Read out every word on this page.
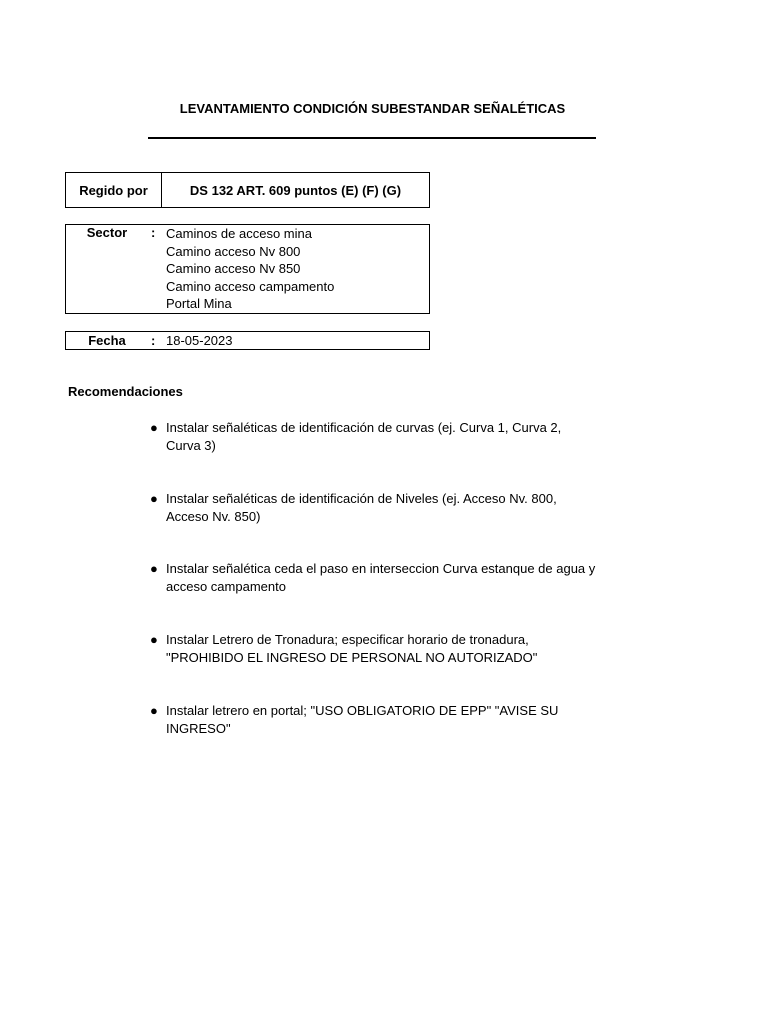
LEVANTAMIENTO CONDICIÓN SUBESTANDAR SEÑALÉTICAS
Regido por	DS 132 ART. 609 puntos (E) (F) (G)
Sector	: Caminos de acceso mina
Camino acceso Nv 800
Camino acceso Nv 850
Camino acceso campamento
Portal Mina
Fecha	: 18-05-2023
Recomendaciones
● Instalar señaléticas de identificación de curvas (ej. Curva 1, Curva 2, Curva 3)
● Instalar señaléticas de identificación de Niveles (ej. Acceso Nv. 800, Acceso Nv. 850)
● Instalar señalética ceda el paso en interseccion Curva estanque de agua y acceso campamento
● Instalar Letrero de Tronadura; especificar horario de tronadura, "PROHIBIDO EL INGRESO DE PERSONAL NO AUTORIZADO"
● Instalar letrero en portal; "USO OBLIGATORIO DE EPP" "AVISE SU INGRESO"
